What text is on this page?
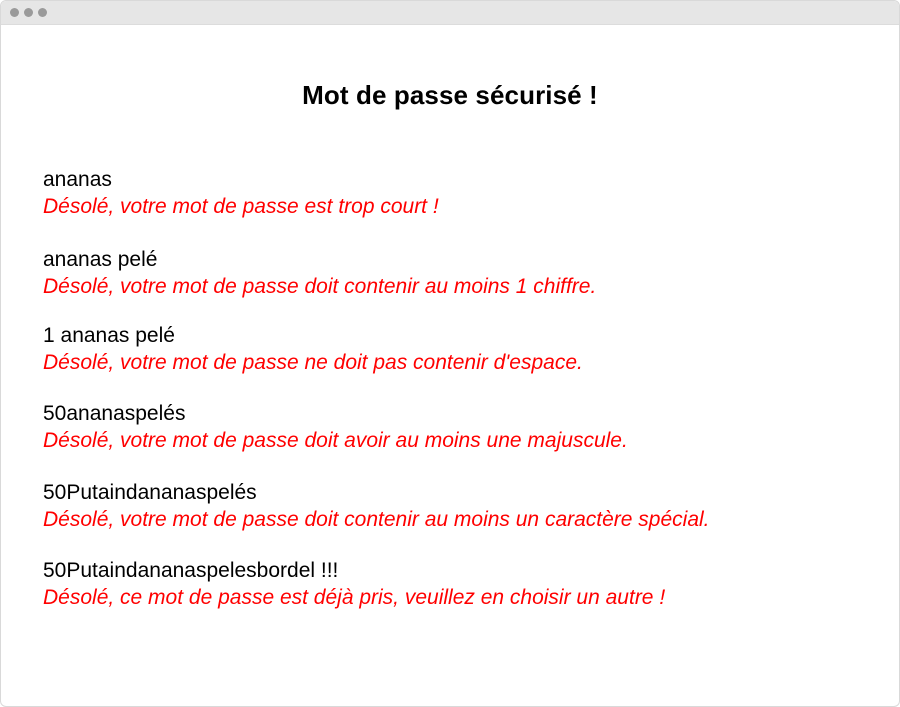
Mot de passe sécurisé !
ananas
Désolé, votre mot de passe est trop court !
ananas pelé
Désolé, votre mot de passe doit contenir au moins 1 chiffre.
1 ananas pelé
Désolé, votre mot de passe ne doit pas contenir d'espace.
50ananaspelés
Désolé, votre mot de passe doit avoir au moins une majuscule.
50Putaindananaspelés
Désolé, votre mot de passe doit contenir au moins un caractère spécial.
50Putaindananaspelesbordel !!!
Désolé, ce mot de passe est déjà pris, veuillez en choisir un autre !
